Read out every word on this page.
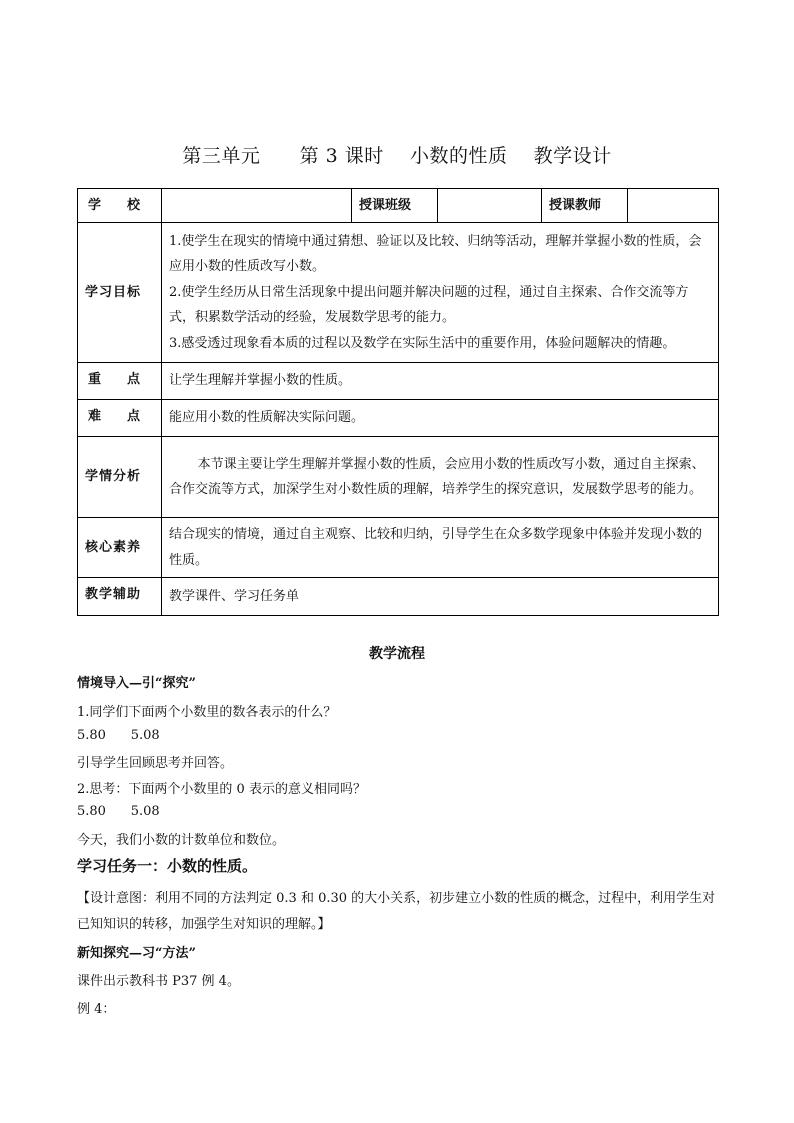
第三单元      第 3 课时    小数的性质    教学设计
学 校		授课班级		授课教师	
学习目标	1.使学生在现实的情境中通过猜想、验证以及比较、归纳等活动，理解并掌握小数的性质，会应用小数的性质改写小数。

2.使学生经历从日常生活现象中提出问题并解决问题的过程，通过自主探索、合作交流等方式，积累数学活动的经验，发展数学思考的能力。

3.感受透过现象看本质的过程以及数学在实际生活中的重要作用，体验问题解决的情趣。				

重 点	让学生理解并掌握小数的性质。				
难 点	能应用小数的性质解决实际问题。				
学情分析	本节课主要让学生理解并掌握小数的性质，会应用小数的性质改写小数，通过自主探索、合作交流等方式，加深学生对小数性质的理解，培养学生的探究意识，发展数学思考的能力。				
核心素养	结合现实的情境，通过自主观察、比较和归纳，引导学生在众多数学现象中体验并发现小数的性质。				
教学辅助	教学课件、学习任务单				
教学流程
情境导入—引“探究”
1.同学们下面两个小数里的数各表示的什么？
5.80      5.08
引导学生回顾思考并回答。
2.思考：下面两个小数里的 0 表示的意义相同吗？
5.80      5.08
今天，我们小数的计数单位和数位。
学习任务一：小数的性质。
【设计意图：利用不同的方法判定 0.3 和 0.30 的大小关系，初步建立小数的性质的概念，过程中，利用学生对已知知识的转移，加强学生对知识的理解。】
新知探究—习“方法”
课件出示教科书 P37 例 4。
例 4：
